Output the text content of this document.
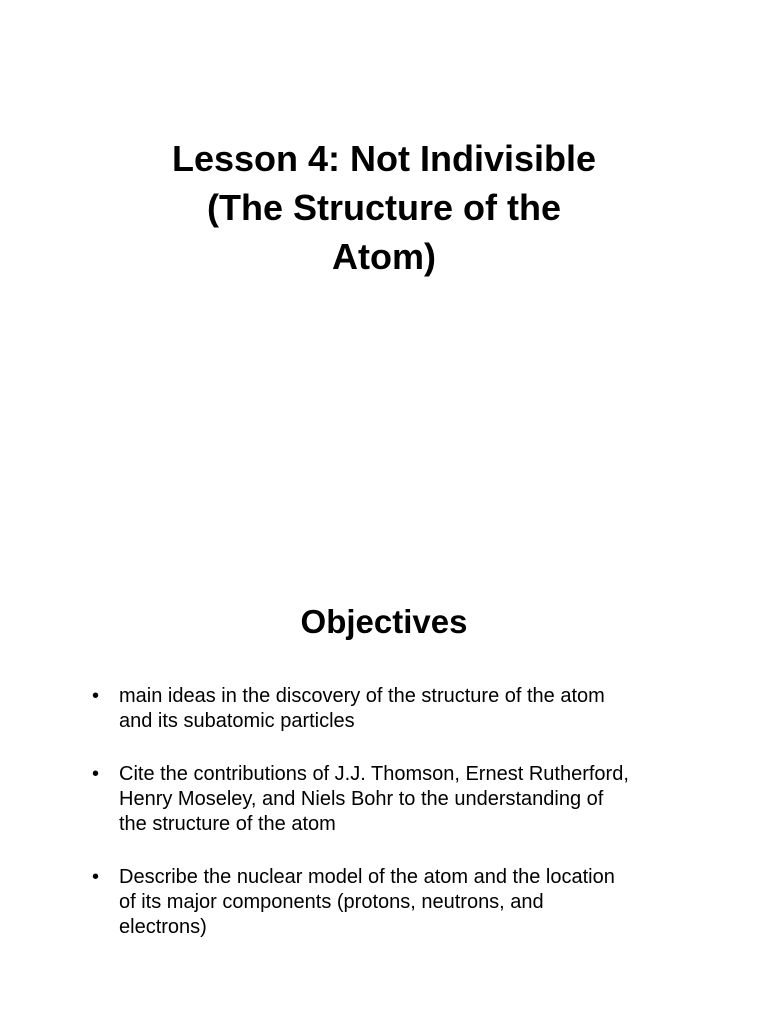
Lesson 4: Not Indivisible
(The Structure of the
Atom)
Objectives
• main ideas in the discovery of the structure of the atom
and its subatomic particles
• Cite the contributions of J.J. Thomson, Ernest Rutherford,
Henry Moseley, and Niels Bohr to the understanding of
the structure of the atom
• Describe the nuclear model of the atom and the location
of its major components (protons, neutrons, and
electrons)
